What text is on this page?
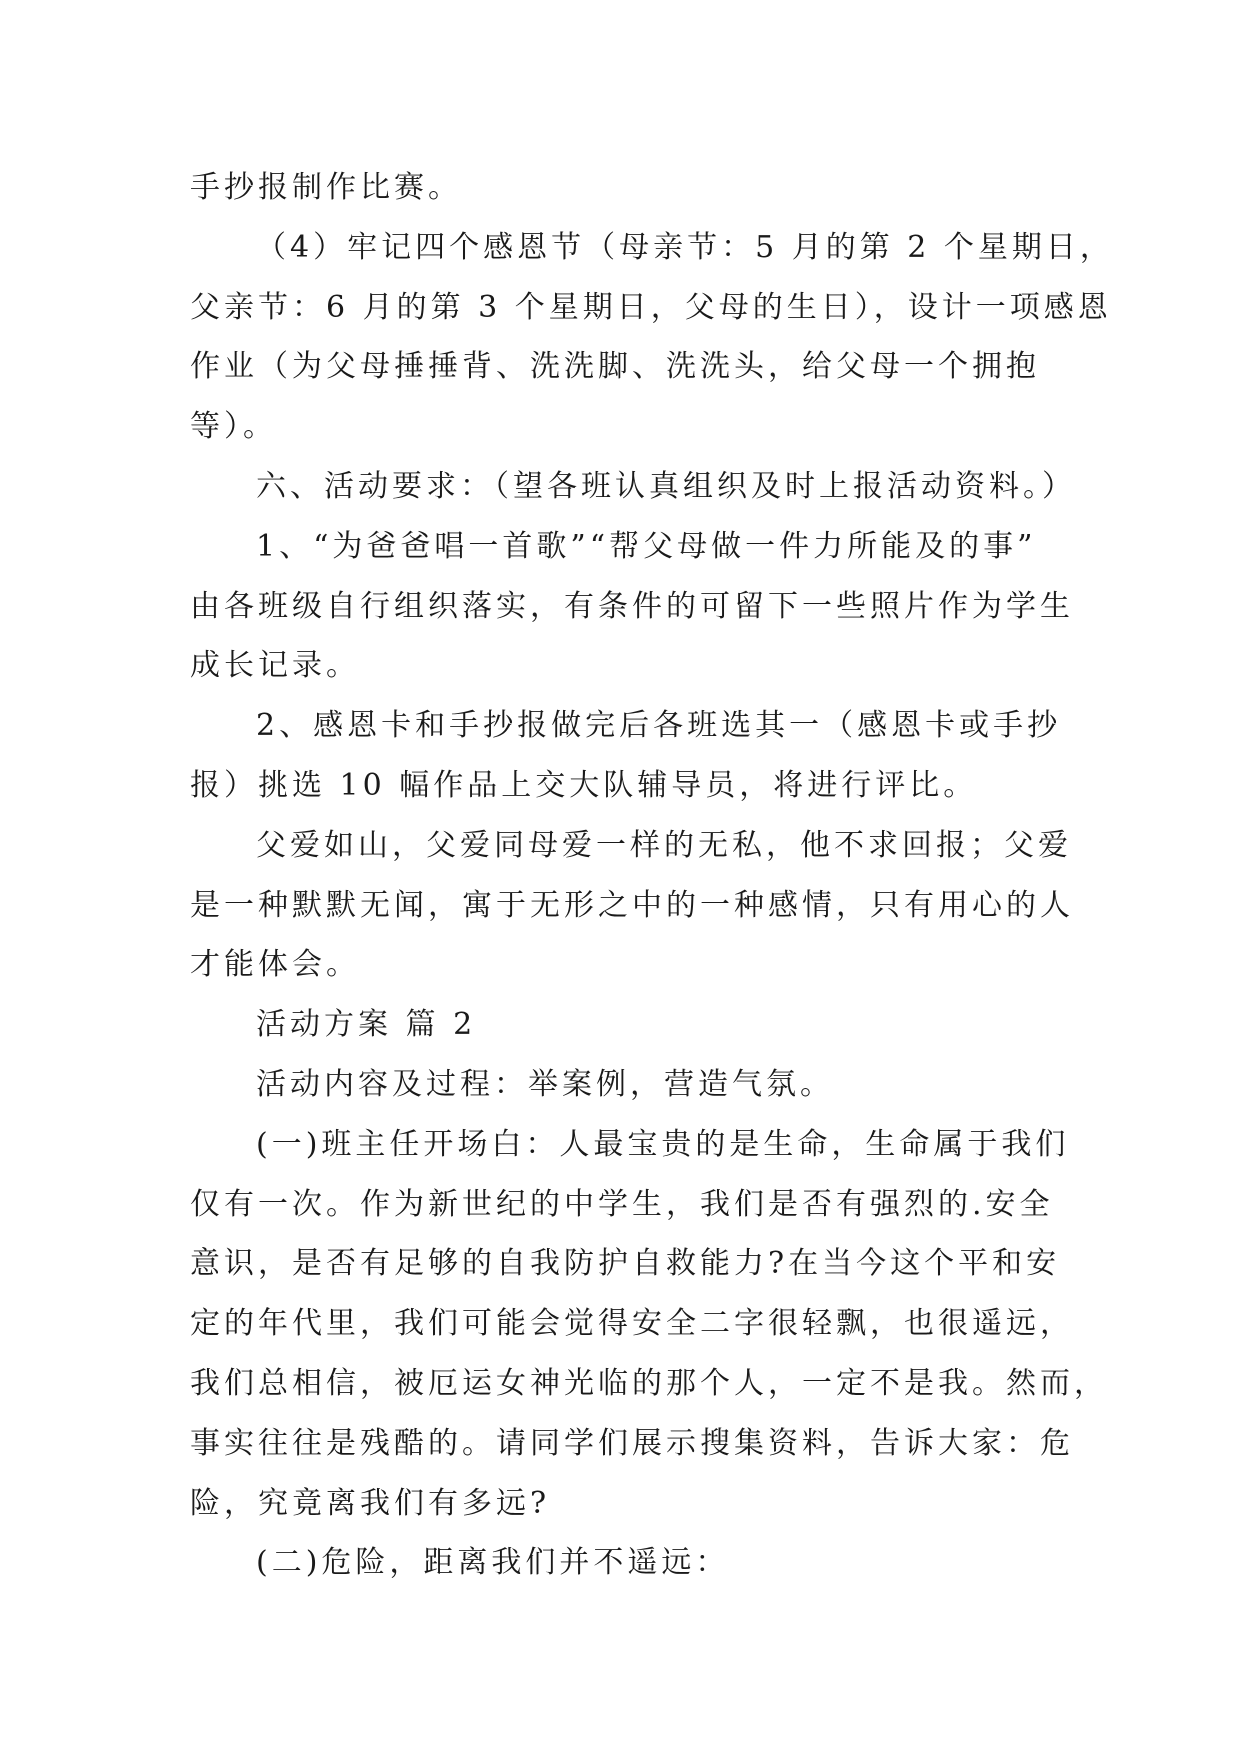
手抄报制作比赛。
（4）牢记四个感恩节（母亲节：5 月的第 2 个星期日，
父亲节：6 月的第 3 个星期日，父母的生日），设计一项感恩
作业（为父母捶捶背、洗洗脚、洗洗头，给父母一个拥抱
等）。
六、活动要求：（望各班认真组织及时上报活动资料。）
1、“为爸爸唱一首歌”“帮父母做一件力所能及的事”
由各班级自行组织落实，有条件的可留下一些照片作为学生
成长记录。
2、感恩卡和手抄报做完后各班选其一（感恩卡或手抄
报）挑选 10 幅作品上交大队辅导员，将进行评比。
父爱如山，父爱同母爱一样的无私，他不求回报；父爱
是一种默默无闻，寓于无形之中的一种感情，只有用心的人
才能体会。
活动方案 篇 2
活动内容及过程：举案例，营造气氛。
(一)班主任开场白：人最宝贵的是生命，生命属于我们
仅有一次。作为新世纪的中学生，我们是否有强烈的.安全
意识，是否有足够的自我防护自救能力?在当今这个平和安
定的年代里，我们可能会觉得安全二字很轻飘，也很遥远，
我们总相信，被厄运女神光临的那个人，一定不是我。然而，
事实往往是残酷的。请同学们展示搜集资料，告诉大家：危
险，究竟离我们有多远?
(二)危险，距离我们并不遥远：
